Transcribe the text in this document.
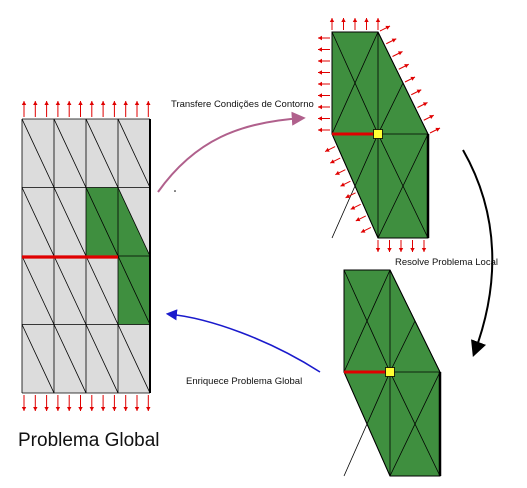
Transfere Condições de Contorno
Resolve Problema Local
Enriquece Problema Global
Problema Global
